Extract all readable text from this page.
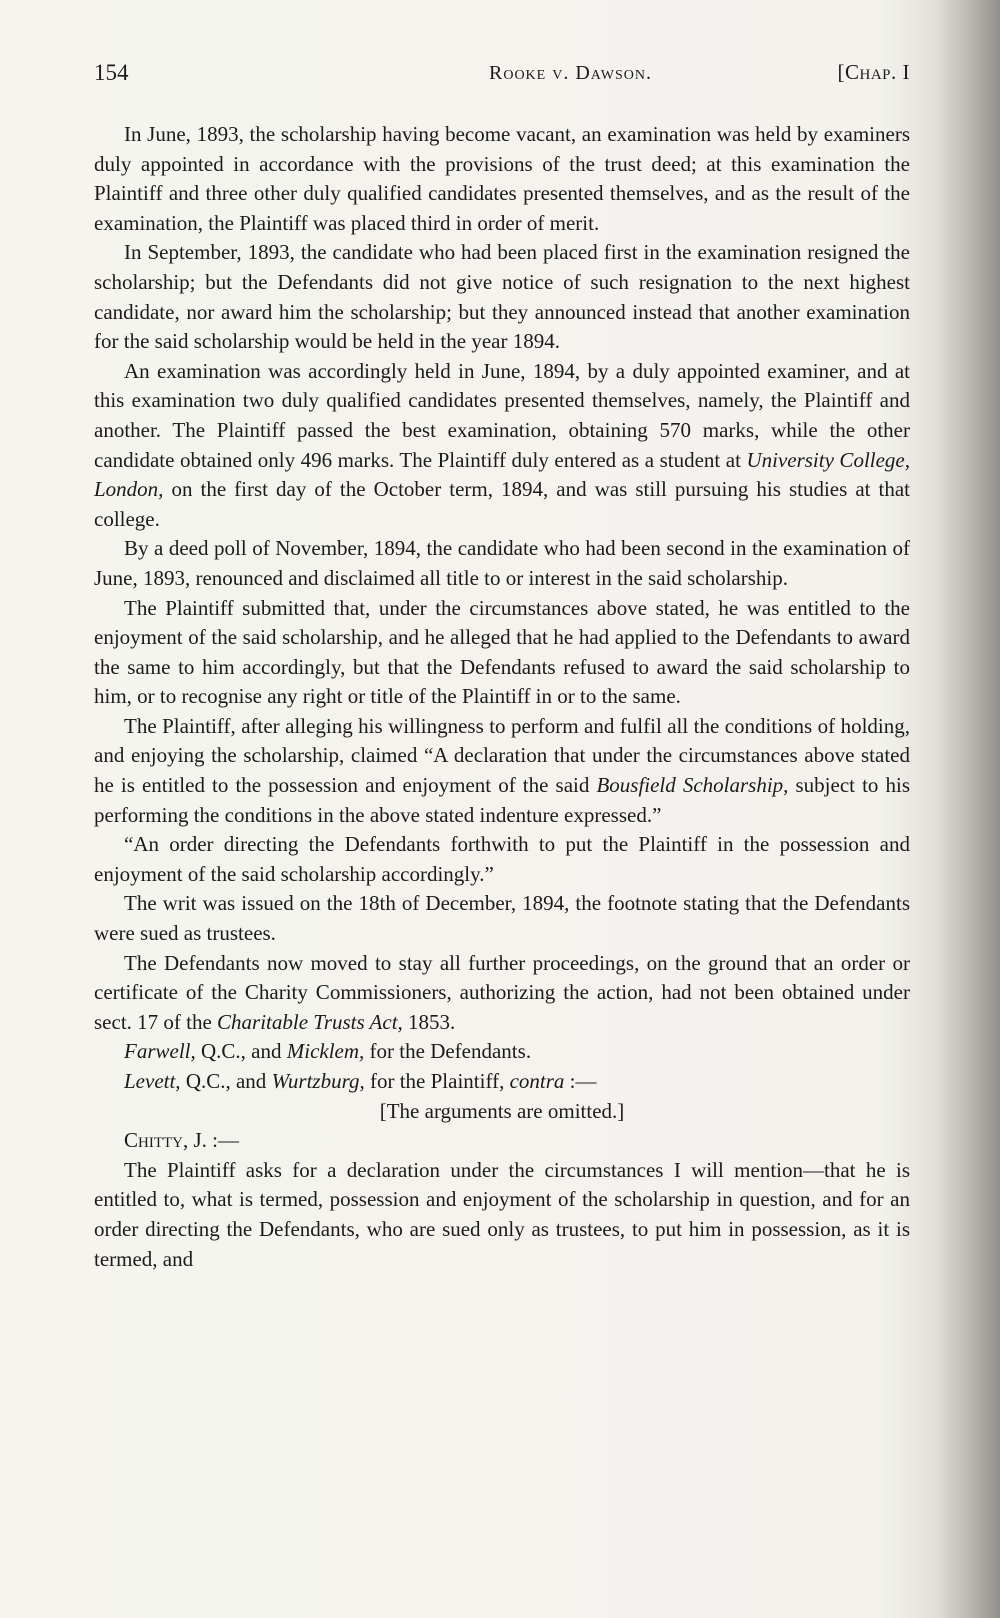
154	Rooke v. Dawson.	[Chap. I

In June, 1893, the scholarship having become vacant, an examination was held by examiners duly appointed in accordance with the provisions of the trust deed; at this examination the Plaintiff and three other duly qualified candidates presented themselves, and as the result of the examination, the Plaintiff was placed third in order of merit.

In September, 1893, the candidate who had been placed first in the examination resigned the scholarship; but the Defendants did not give notice of such resignation to the next highest candidate, nor award him the scholarship; but they announced instead that another examination for the said scholarship would be held in the year 1894.

An examination was accordingly held in June, 1894, by a duly appointed examiner, and at this examination two duly qualified candidates presented themselves, namely, the Plaintiff and another. The Plaintiff passed the best examination, obtaining 570 marks, while the other candidate obtained only 496 marks. The Plaintiff duly entered as a student at University College, London, on the first day of the October term, 1894, and was still pursuing his studies at that college.

By a deed poll of November, 1894, the candidate who had been second in the examination of June, 1893, renounced and disclaimed all title to or interest in the said scholarship.

The Plaintiff submitted that, under the circumstances above stated, he was entitled to the enjoyment of the said scholarship, and he alleged that he had applied to the Defendants to award the same to him accordingly, but that the Defendants refused to award the said scholarship to him, or to recognise any right or title of the Plaintiff in or to the same.

The Plaintiff, after alleging his willingness to perform and fulfil all the conditions of holding, and enjoying the scholarship, claimed “A declaration that under the circumstances above stated he is entitled to the possession and enjoyment of the said Bousfield Scholarship, subject to his performing the conditions in the above stated indenture expressed.”

“An order directing the Defendants forthwith to put the Plaintiff in the possession and enjoyment of the said scholarship accordingly.”

The writ was issued on the 18th of December, 1894, the footnote stating that the Defendants were sued as trustees.

The Defendants now moved to stay all further proceedings, on the ground that an order or certificate of the Charity Commissioners, authorizing the action, had not been obtained under sect. 17 of the Charitable Trusts Act, 1853.

Farwell, Q.C., and Micklem, for the Defendants.

Levett, Q.C., and Wurtzburg, for the Plaintiff, contra :—

[The arguments are omitted.]

Chitty, J. :—

The Plaintiff asks for a declaration under the circumstances I will mention—that he is entitled to, what is termed, possession and enjoyment of the scholarship in question, and for an order directing the Defendants, who are sued only as trustees, to put him in possession, as it is termed, and
